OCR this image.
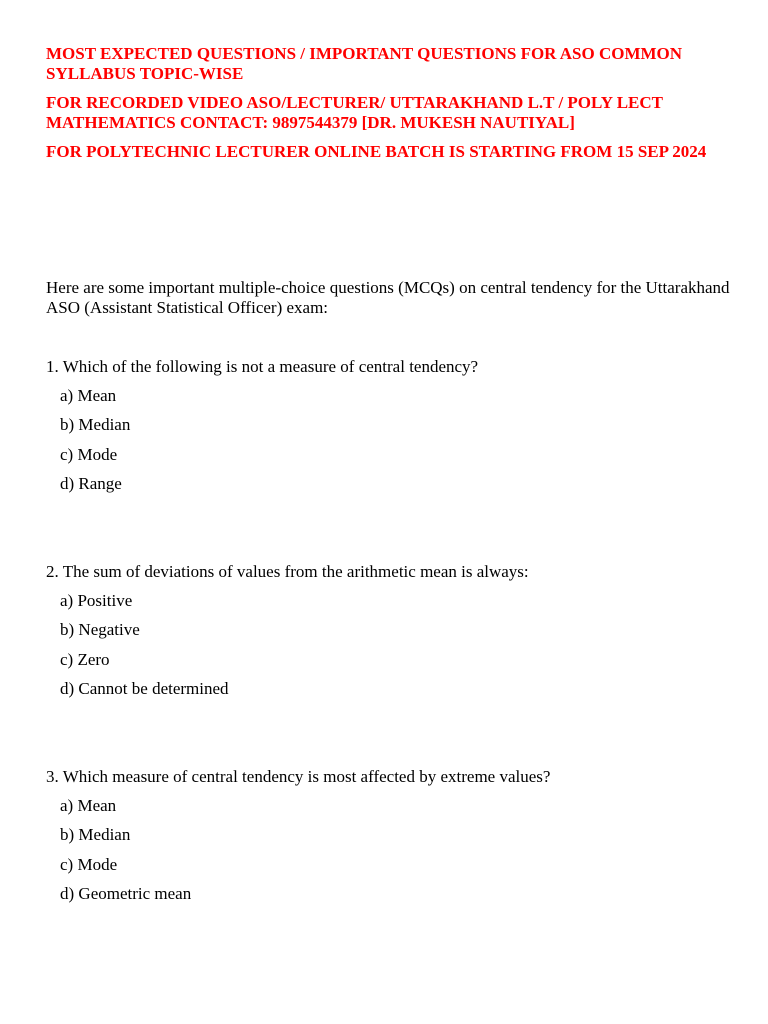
MOST EXPECTED QUESTIONS / IMPORTANT QUESTIONS FOR ASO COMMON SYLLABUS TOPIC-WISE

FOR RECORDED VIDEO ASO/LECTURER/ UTTARAKHAND L.T / POLY LECT MATHEMATICS CONTACT: 9897544379 [DR. MUKESH NAUTIYAL]

FOR POLYTECHNIC LECTURER ONLINE BATCH IS STARTING FROM 15 SEP 2024

Here are some important multiple-choice questions (MCQs) on central tendency for the Uttarakhand ASO (Assistant Statistical Officer) exam:

1. Which of the following is not a measure of central tendency?

a) Mean
b) Median
c) Mode
d) Range

2. The sum of deviations of values from the arithmetic mean is always:

a) Positive
b) Negative
c) Zero
d) Cannot be determined

3. Which measure of central tendency is most affected by extreme values?

a) Mean
b) Median
c) Mode
d) Geometric mean
